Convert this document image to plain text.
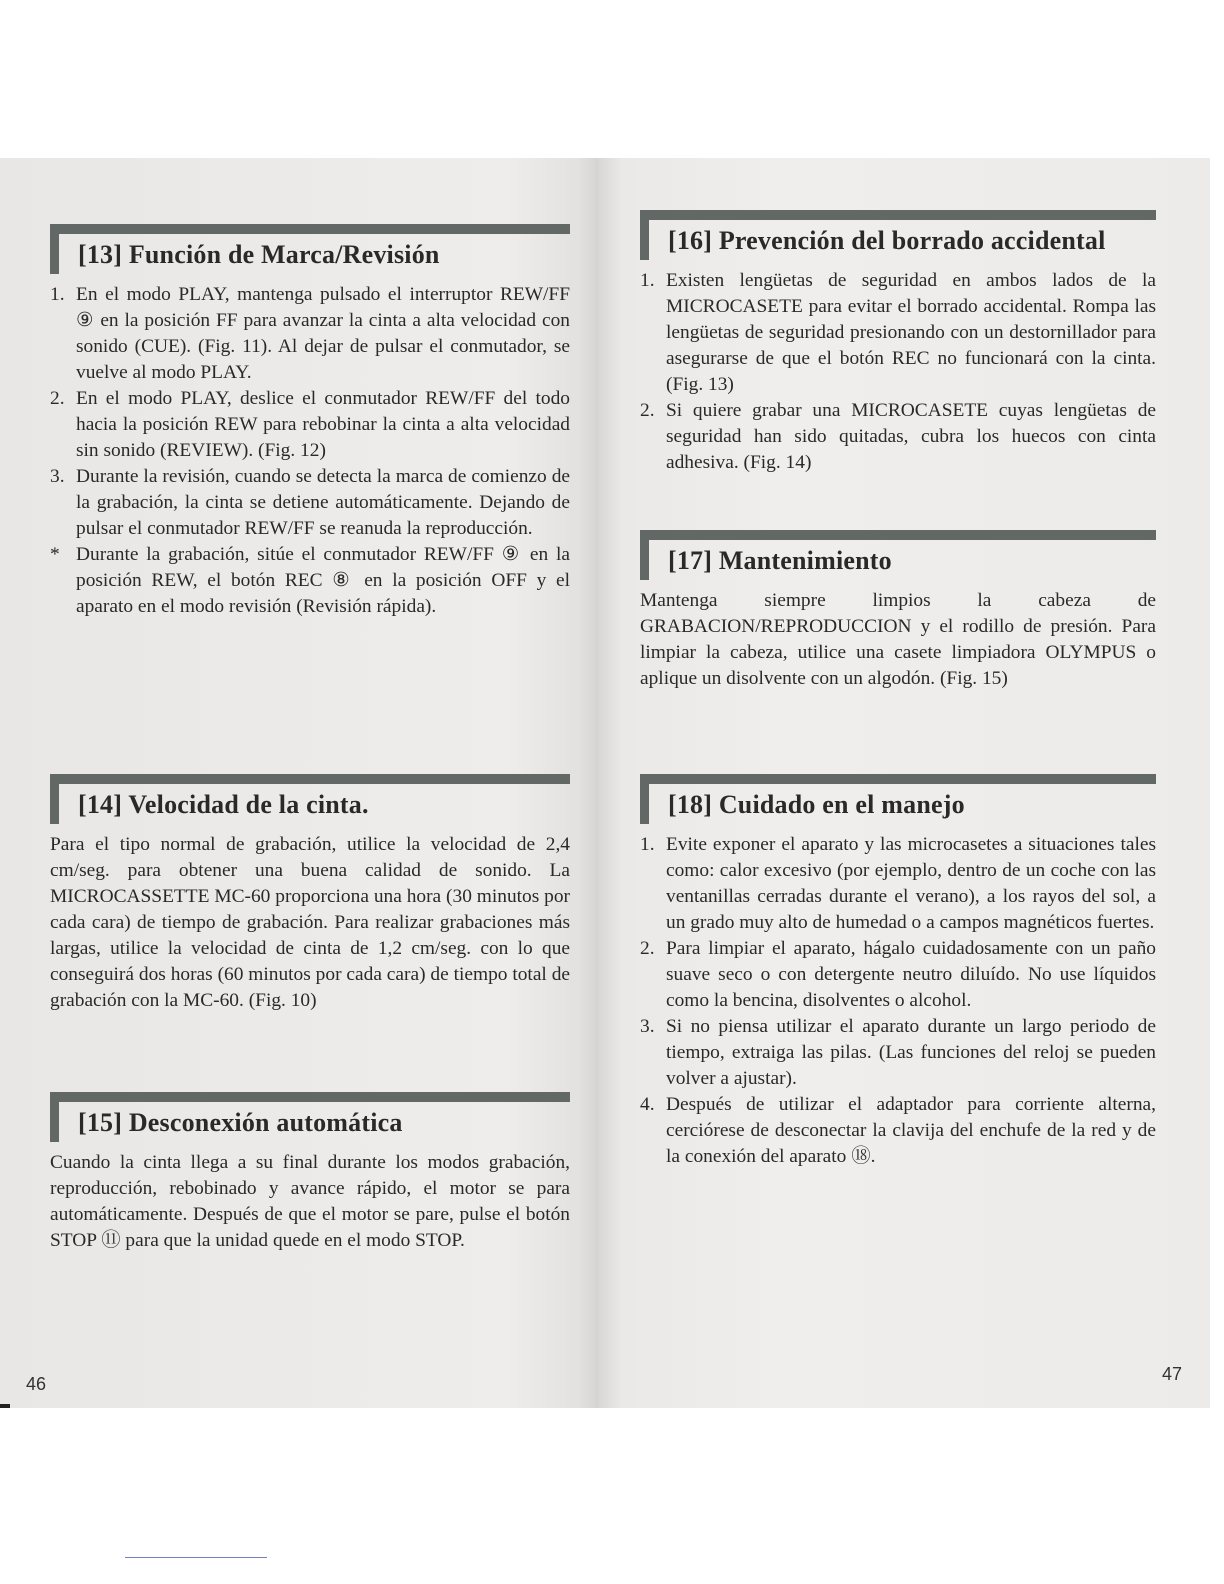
[13] Función de Marca/Revisión
1. En el modo PLAY, mantenga pulsado el interruptor REW/FF ⑨ en la posición FF para avanzar la cinta a alta velocidad con sonido (CUE). (Fig. 11). Al dejar de pulsar el conmutador, se vuelve al modo PLAY.
2. En el modo PLAY, deslice el conmutador REW/FF del todo hacia la posición REW para rebobinar la cinta a alta velocidad sin sonido (REVIEW). (Fig. 12)
3. Durante la revisión, cuando se detecta la marca de comienzo de la grabación, la cinta se detiene automáticamente. Dejando de pulsar el conmutador REW/FF se reanuda la reproducción.

* Durante la grabación, sitúe el conmutador REW/FF ⑨ en la posición REW, el botón REC ⑧ en la posición OFF y el aparato en el modo revisión (Revisión rápida).

[14] Velocidad de la cinta.

Para el tipo normal de grabación, utilice la velocidad de 2,4 cm/seg. para obtener una buena calidad de sonido. La MICROCASSETTE MC-60 proporciona una hora (30 minutos por cada cara) de tiempo de grabación. Para realizar grabaciones más largas, utilice la velocidad de cinta de 1,2 cm/seg. con lo que conseguirá dos horas (60 minutos por cada cara) de tiempo total de grabación con la MC-60. (Fig. 10)

[15] Desconexión automática

Cuando la cinta llega a su final durante los modos grabación, reproducción, rebobinado y avance rápido, el motor se para automáticamente. Después de que el motor se pare, pulse el botón STOP ⑪ para que la unidad quede en el modo STOP.

46
[16] Prevención del borrado accidental
1. Existen lengüetas de seguridad en ambos lados de la MICROCASETE para evitar el borrado accidental. Rompa las lengüetas de seguridad presionando con un destornillador para asegurarse de que el botón REC no funcionará con la cinta. (Fig. 13)
2. Si quiere grabar una MICROCASETE cuyas lengüetas de seguridad han sido quitadas, cubra los huecos con cinta adhesiva. (Fig. 14)
[17] Mantenimiento

Mantenga siempre limpios la cabeza de GRABACION/REPRODUCCION y el rodillo de presión. Para limpiar la cabeza, utilice una casete limpiadora OLYMPUS o aplique un disolvente con un algodón. (Fig. 15)

[18] Cuidado en el manejo
1. Evite exponer el aparato y las microcasetes a situaciones tales como: calor excesivo (por ejemplo, dentro de un coche con las ventanillas cerradas durante el verano), a los rayos del sol, a un grado muy alto de humedad o a campos magnéticos fuertes.
2. Para limpiar el aparato, hágalo cuidadosamente con un paño suave seco o con detergente neutro diluído. No use líquidos como la bencina, disolventes o alcohol.
3. Si no piensa utilizar el aparato durante un largo periodo de tiempo, extraiga las pilas. (Las funciones del reloj se pueden volver a ajustar).
4. Después de utilizar el adaptador para corriente alterna, cerciórese de desconectar la clavija del enchufe de la red y de la conexión del aparato ⑱.
47
